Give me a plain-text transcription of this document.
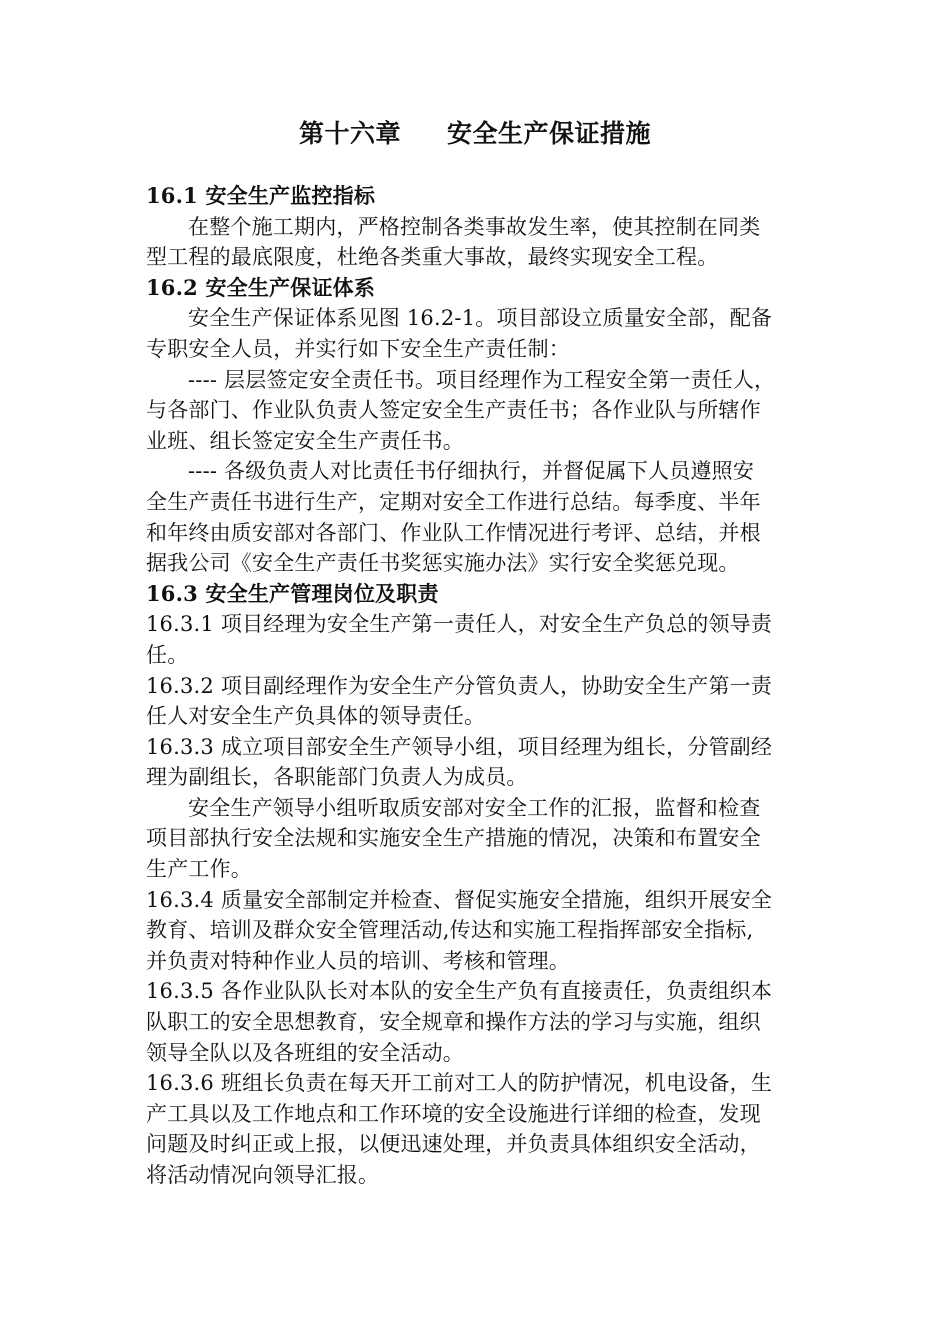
第十六章     安全生产保证措施
16.1 安全生产监控指标
在整个施工期内，严格控制各类事故发生率，使其控制在同类
型工程的最底限度，杜绝各类重大事故，最终实现安全工程。
16.2 安全生产保证体系
安全生产保证体系见图 16.2-1。项目部设立质量安全部，配备
专职安全人员，并实行如下安全生产责任制：
---- 层层签定安全责任书。项目经理作为工程安全第一责任人，
与各部门、作业队负责人签定安全生产责任书；各作业队与所辖作
业班、组长签定安全生产责任书。
---- 各级负责人对比责任书仔细执行，并督促属下人员遵照安
全生产责任书进行生产，定期对安全工作进行总结。每季度、半年
和年终由质安部对各部门、作业队工作情况进行考评、总结，并根
据我公司《安全生产责任书奖惩实施办法》实行安全奖惩兑现。
16.3 安全生产管理岗位及职责
16.3.1 项目经理为安全生产第一责任人，对安全生产负总的领导责
任。
16.3.2 项目副经理作为安全生产分管负责人，协助安全生产第一责
任人对安全生产负具体的领导责任。
16.3.3 成立项目部安全生产领导小组，项目经理为组长，分管副经
理为副组长，各职能部门负责人为成员。
安全生产领导小组听取质安部对安全工作的汇报，监督和检查
项目部执行安全法规和实施安全生产措施的情况，决策和布置安全
生产工作。
16.3.4 质量安全部制定并检查、督促实施安全措施，组织开展安全
教育、培训及群众安全管理活动,传达和实施工程指挥部安全指标,
并负责对特种作业人员的培训、考核和管理。
16.3.5 各作业队队长对本队的安全生产负有直接责任，负责组织本
队职工的安全思想教育，安全规章和操作方法的学习与实施，组织
领导全队以及各班组的安全活动。
16.3.6 班组长负责在每天开工前对工人的防护情况，机电设备，生
产工具以及工作地点和工作环境的安全设施进行详细的检查，发现
问题及时纠正或上报，以便迅速处理，并负责具体组织安全活动，
将活动情况向领导汇报。
